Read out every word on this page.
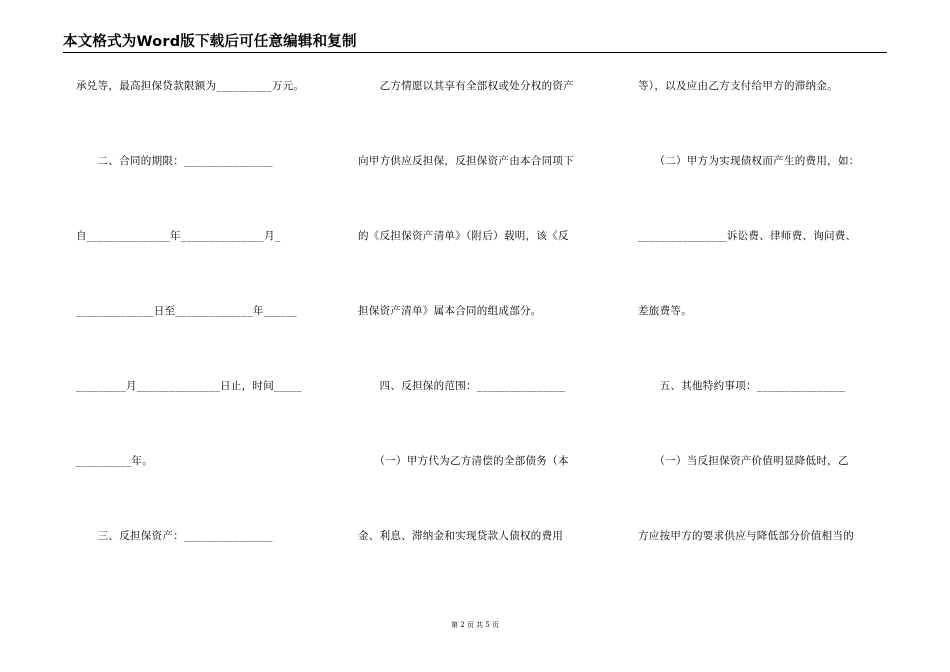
本文格式为Word版下载后可任意编辑和复制
承兑等，最高担保贷款限额为__________万元。
　　二、合同的期限：________________
自_______________年_______________月_
______________日至______________年______
_________月_______________日止，时间_____
__________年。
　　三、反担保资产：________________
　　乙方情愿以其享有全部权或处分权的资产
向甲方供应反担保，反担保资产由本合同项下
的《反担保资产清单》（附后）载明，该《反
担保资产清单》属本合同的组成部分。
　　四、反担保的范围：________________
　　（一）甲方代为乙方清偿的全部债务（本
金、利息、滞纳金和实现贷款人债权的费用
等），以及应由乙方支付给甲方的滞纳金。
　　（二）甲方为实现债权而产生的费用，如：
________________诉讼费、律师费、询问费、
差旅费等。
　　五、其他特约事项：________________
　　（一）当反担保资产价值明显降低时，乙
方应按甲方的要求供应与降低部分价值相当的
第 2 页 共 5 页
